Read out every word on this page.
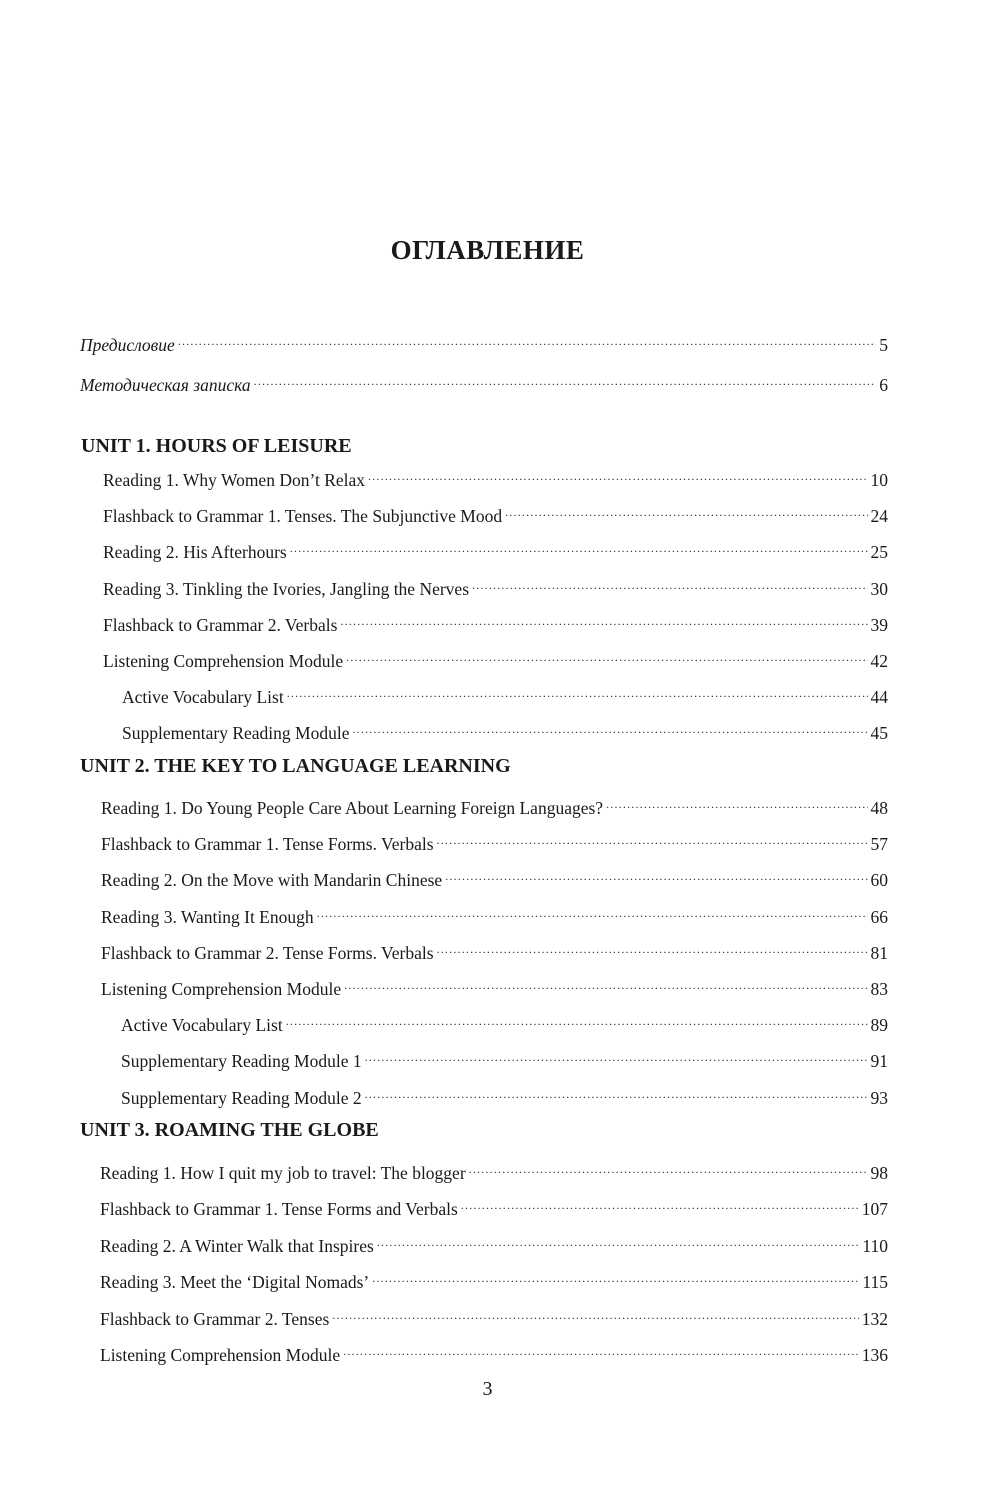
ОГЛАВЛЕНИЕ
Предисловие .....	5
Методическая записка .....	6
UNIT 1. HOURS OF LEISURE
Reading 1. Why Women Don’t Relax .....	10
Flashback to Grammar 1. Tenses. The Subjunctive Mood .....	24
Reading 2. His Afterhours .....	25
Reading 3. Tinkling the Ivories, Jangling the Nerves .....	30
Flashback to Grammar 2. Verbals .....	39
Listening Comprehension Module .....	42
Active Vocabulary List .....	44
Supplementary Reading Module .....	45
UNIT 2. THE KEY TO LANGUAGE LEARNING
Reading 1. Do Young People Care About Learning Foreign Languages? .....	48
Flashback to Grammar 1. Tense Forms. Verbals .....	57
Reading 2. On the Move with Mandarin Chinese .....	60
Reading 3. Wanting It Enough .....	66
Flashback to Grammar 2. Tense Forms. Verbals .....	81
Listening Comprehension Module .....	83
Active Vocabulary List .....	89
Supplementary Reading Module 1 .....	91
Supplementary Reading Module 2 .....	93
UNIT 3. ROAMING THE GLOBE
Reading 1. How I quit my job to travel: The blogger .....	98
Flashback to Grammar 1. Tense Forms and Verbals .....	107
Reading 2. A Winter Walk that Inspires .....	110
Reading 3. Meet the ‘Digital Nomads’ .....	115
Flashback to Grammar 2. Tenses .....	132
Listening Comprehension Module .....	136
3
